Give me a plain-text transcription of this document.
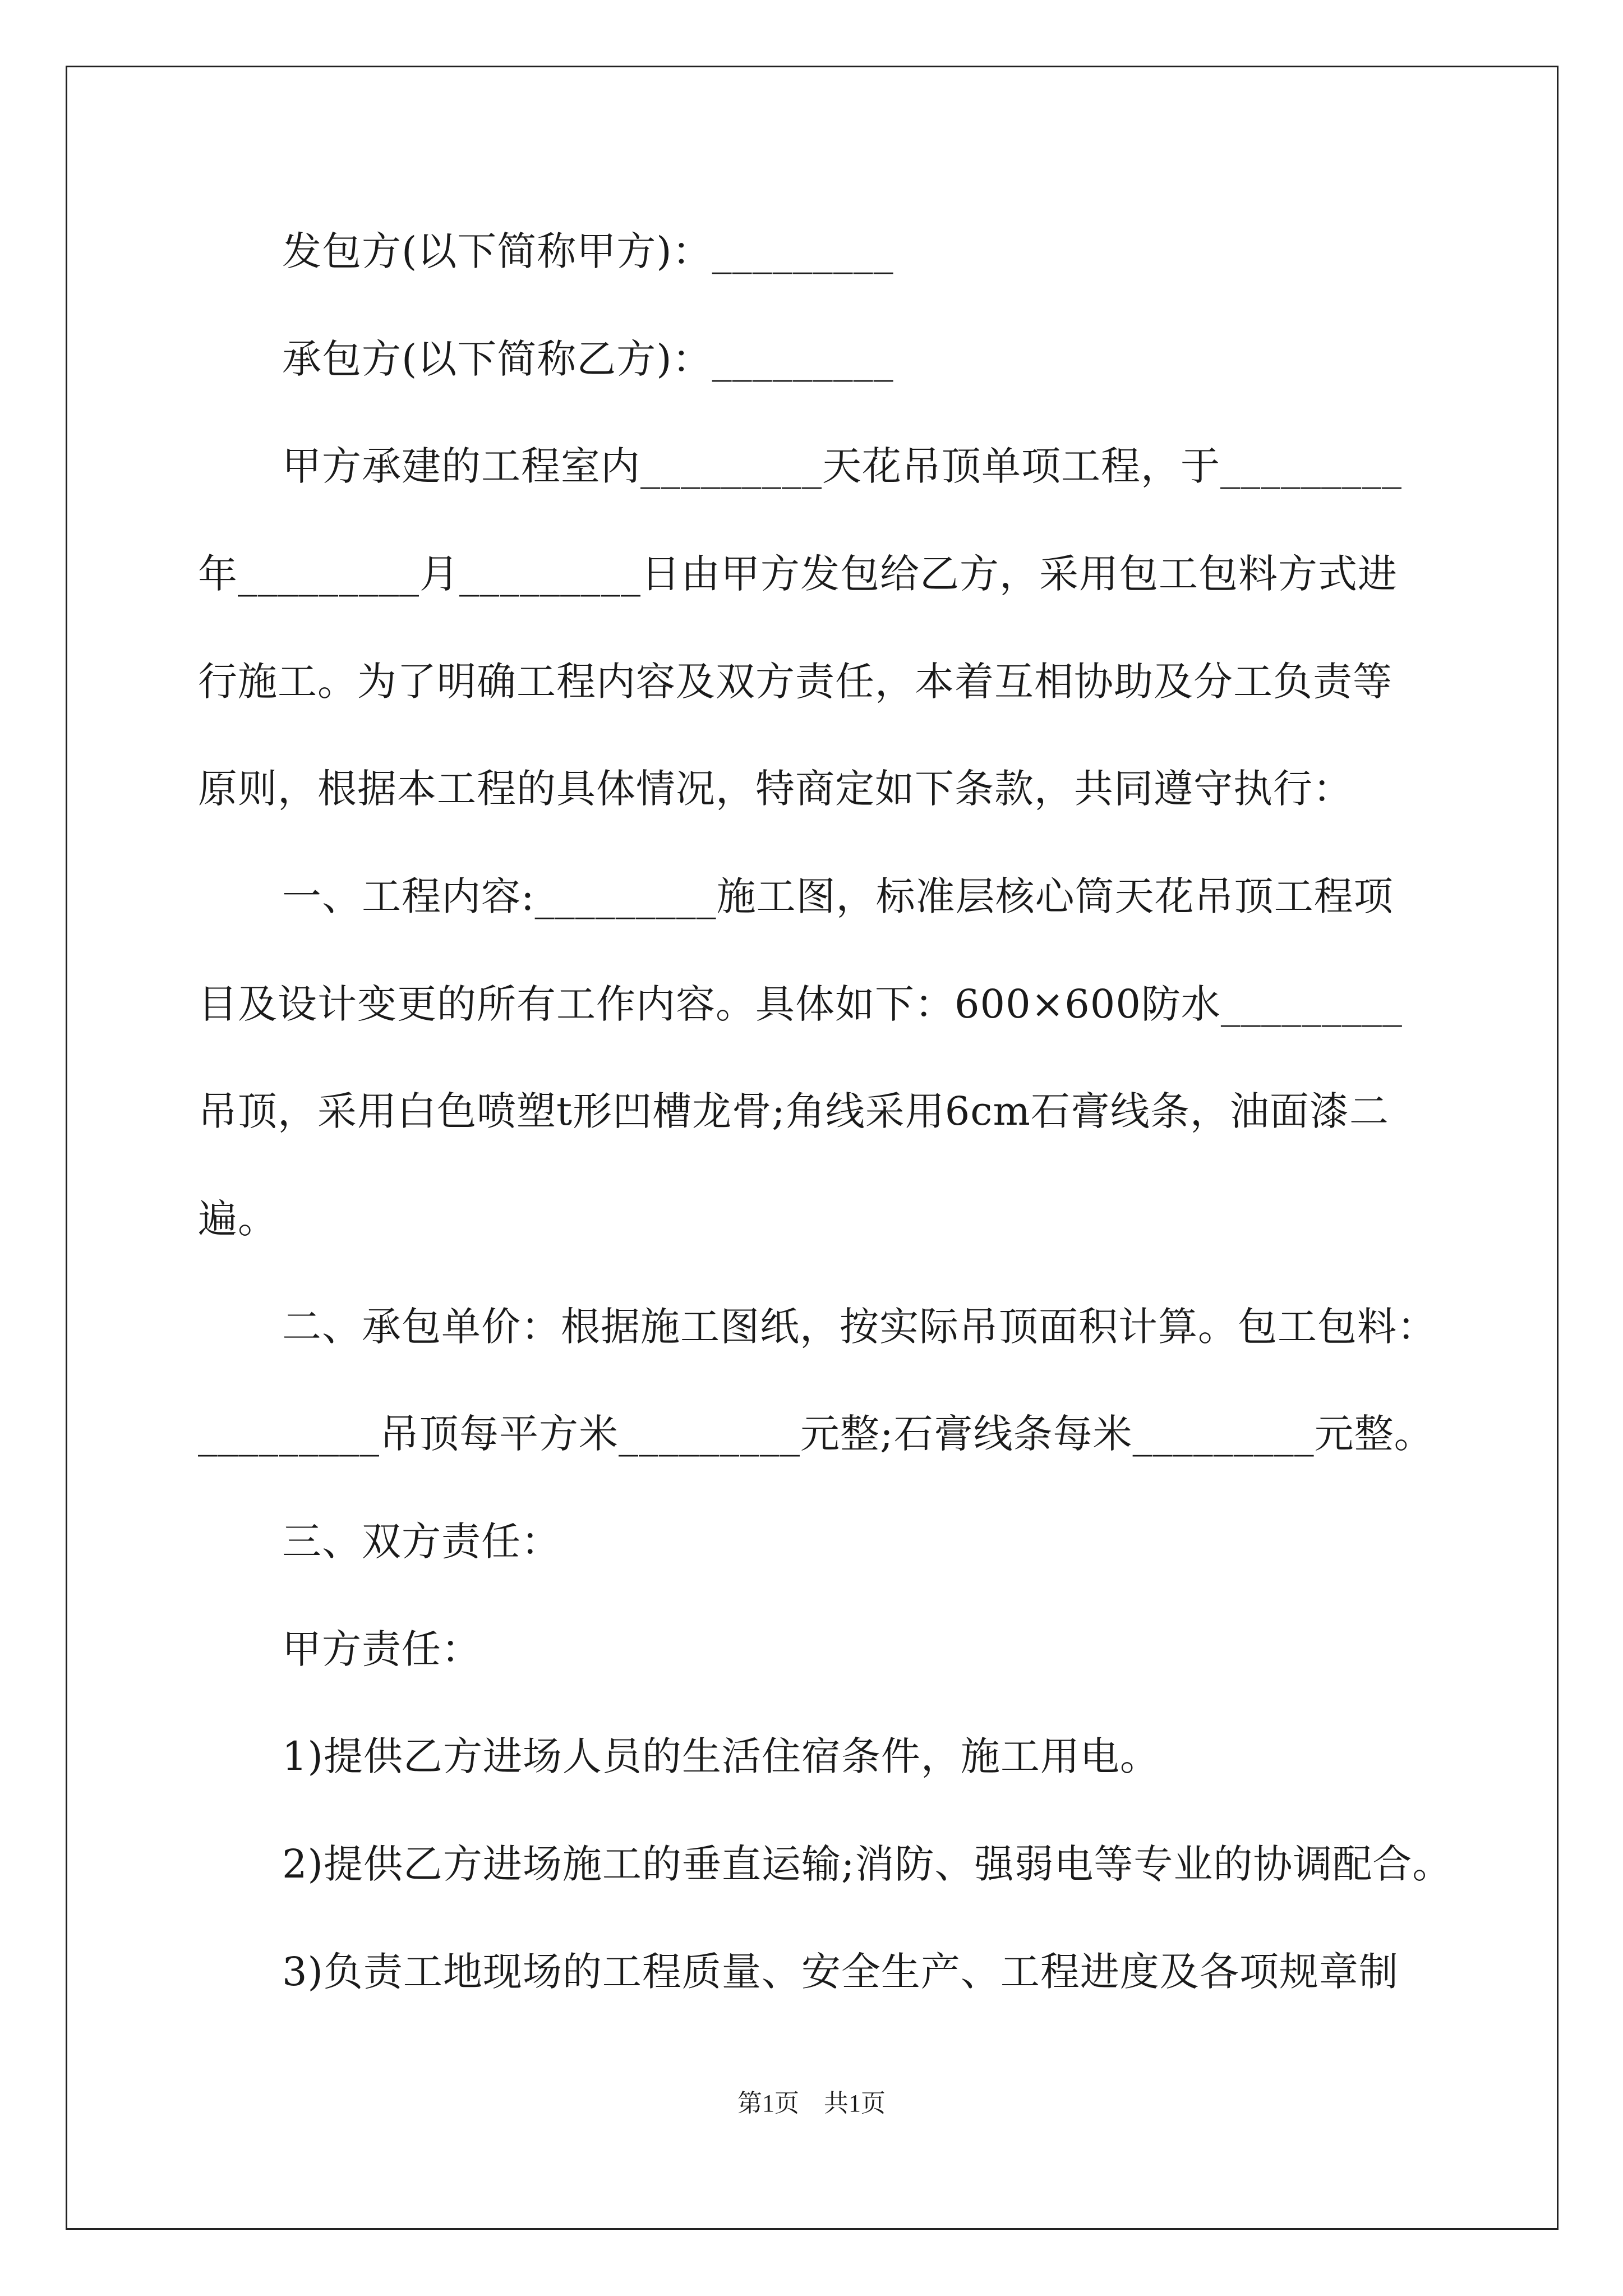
发包方(以下简称甲方)：_________
承包方(以下简称乙方)：_________
甲方承建的工程室内_________天花吊顶单项工程，于_________
年_________月_________日由甲方发包给乙方，采用包工包料方式进
行施工。为了明确工程内容及双方责任，本着互相协助及分工负责等
原则，根据本工程的具体情况，特商定如下条款，共同遵守执行：
一、工程内容:_________施工图，标准层核心筒天花吊顶工程项
目及设计变更的所有工作内容。具体如下：600×600防水_________
吊顶，采用白色喷塑t形凹槽龙骨;角线采用6cm石膏线条，油面漆二
遍。
二、承包单价：根据施工图纸，按实际吊顶面积计算。包工包料：
_________吊顶每平方米_________元整;石膏线条每米_________元整。
三、双方责任：
甲方责任：
1)提供乙方进场人员的生活住宿条件，施工用电。
2)提供乙方进场施工的垂直运输;消防、强弱电等专业的协调配合。
3)负责工地现场的工程质量、安全生产、工程进度及各项规章制
第1页　共1页
